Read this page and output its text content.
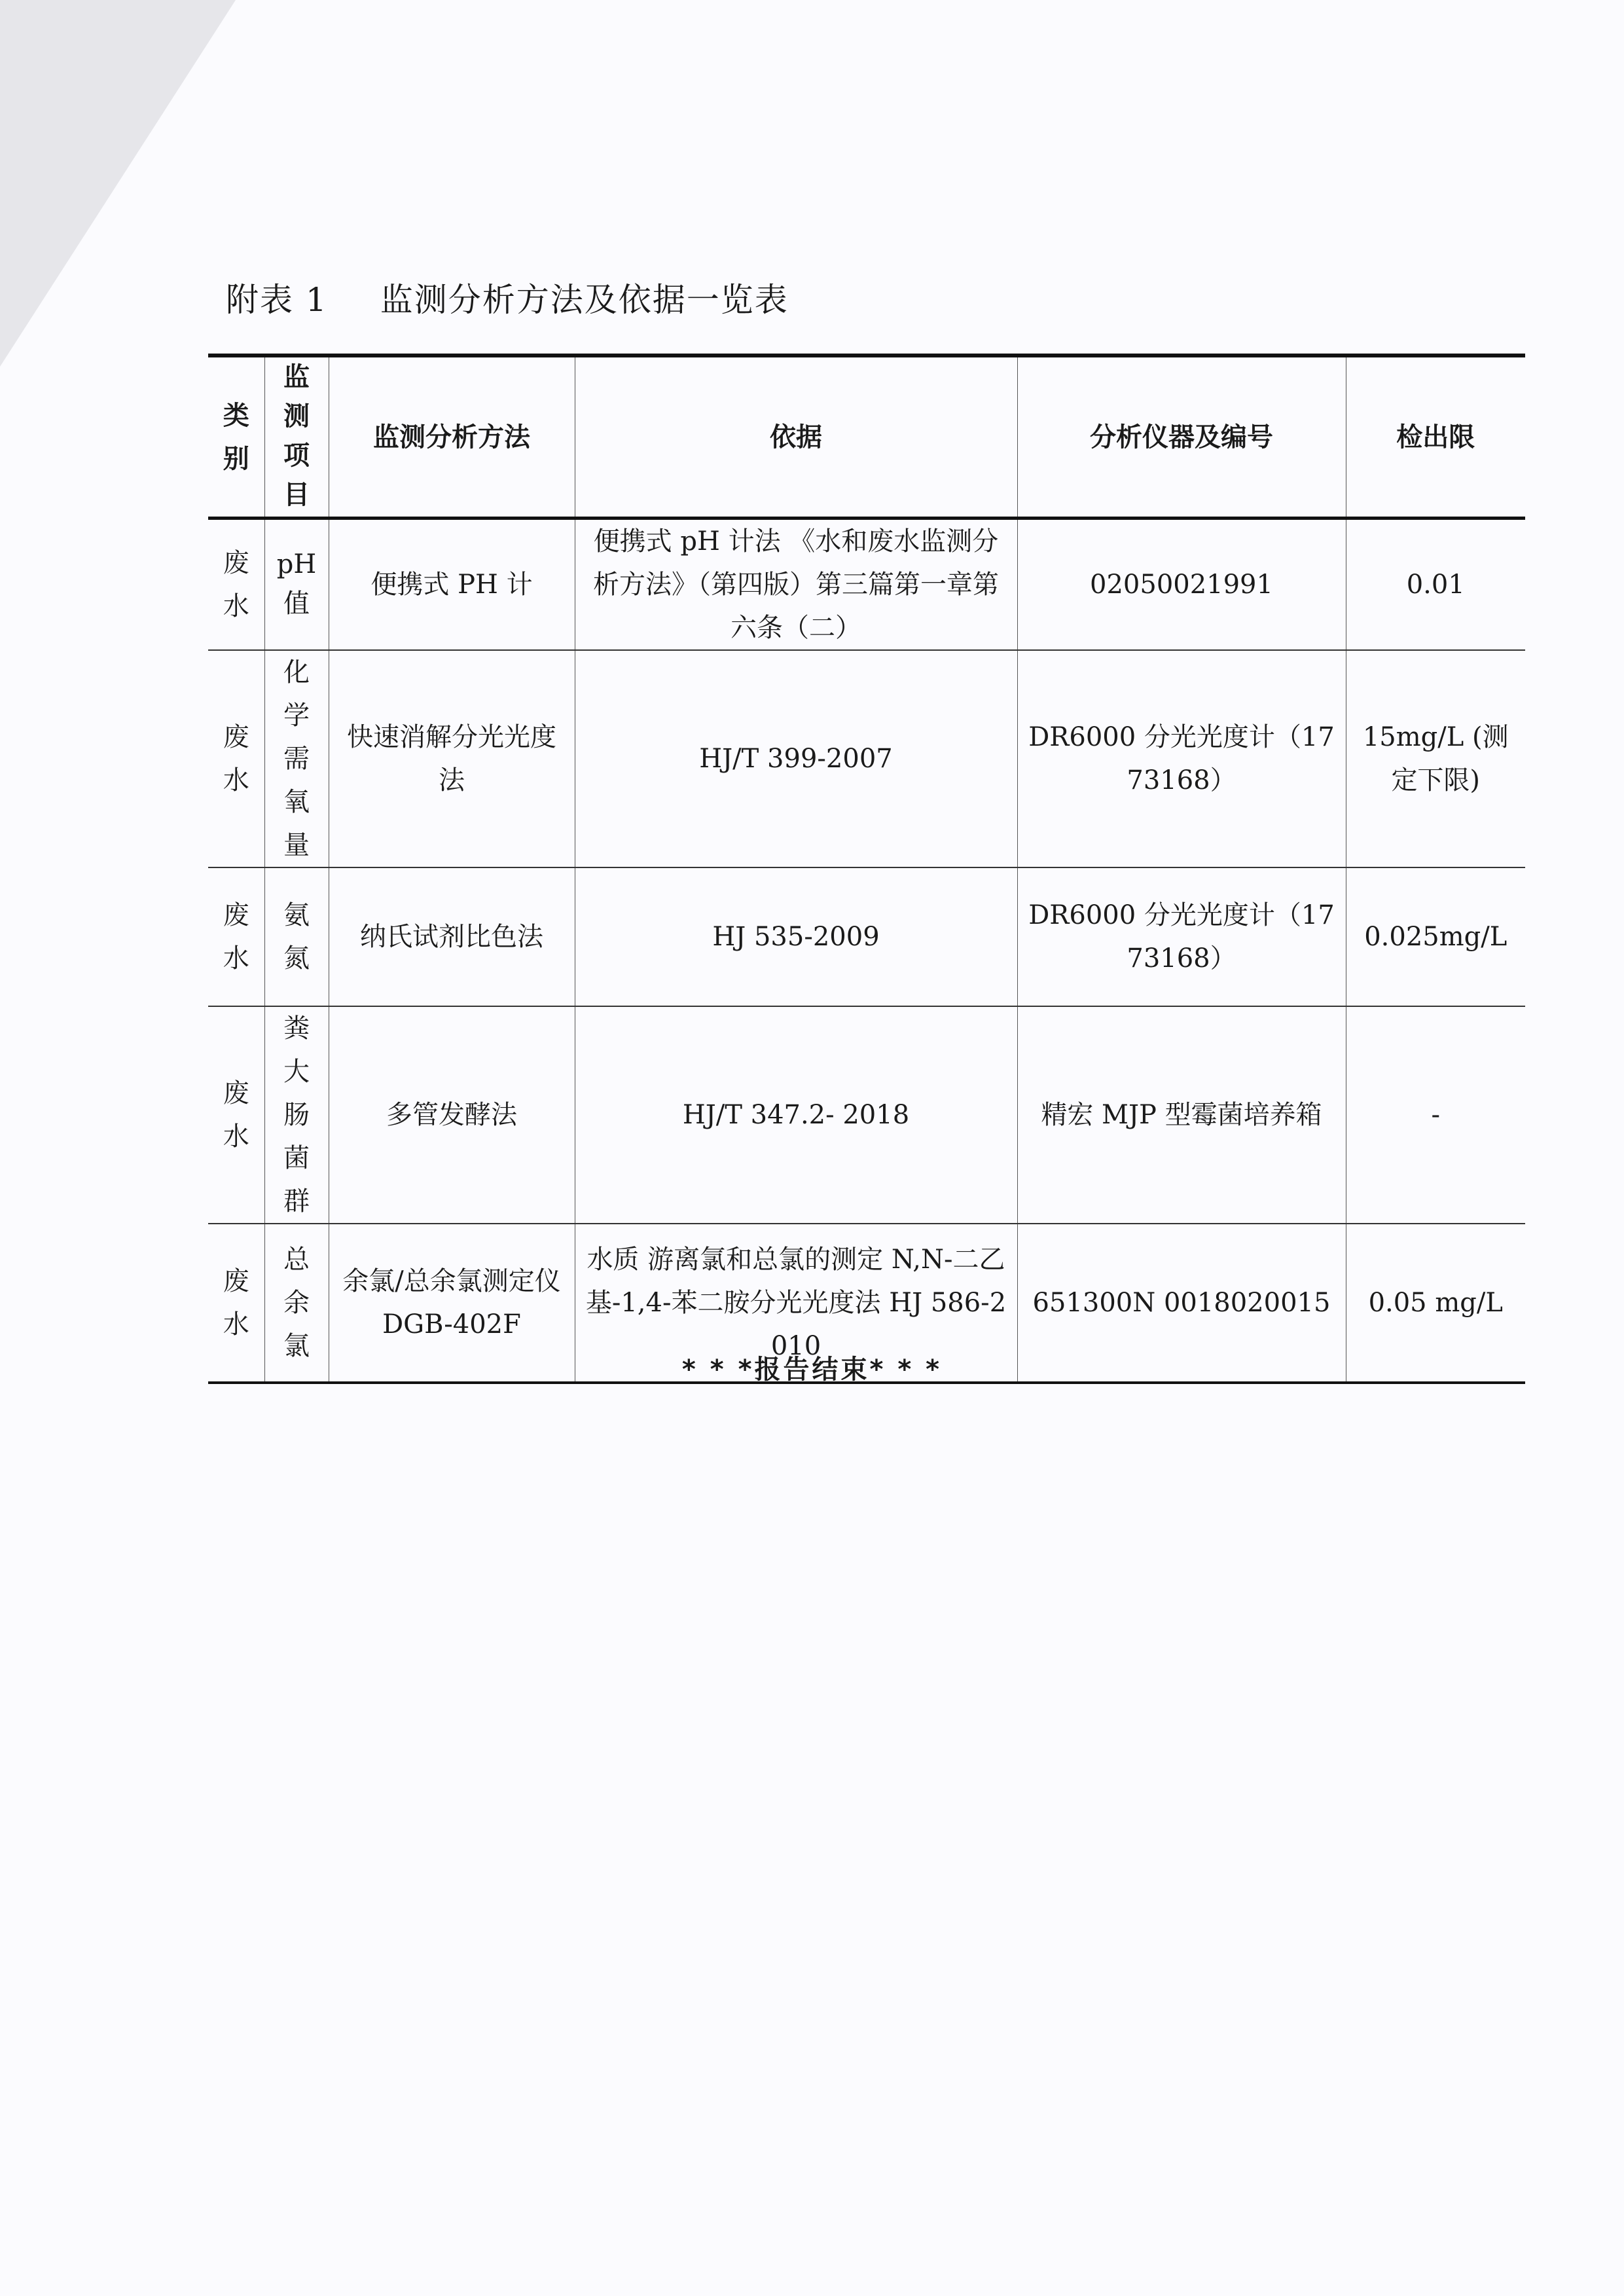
附表 1 监测分析方法及依据一览表
类别	监测项目	监测分析方法	依据	分析仪器及编号	检出限
废水	pH值	便携式 PH 计	便携式 pH 计法 《水和废水监测分析方法》（第四版）第三篇第一章第六条（二）	02050021991	0.01
废水	化学需氧量	快速消解分光光度法	HJ/T 399-2007	DR6000 分光光度计（1773168）	15mg/L (测定下限)
废水	氨氮	纳氏试剂比色法	HJ 535-2009	DR6000 分光光度计（1773168）	0.025mg/L
废水	粪大肠菌群	多管发酵法	HJ/T 347.2- 2018	精宏 MJP 型霉菌培养箱	-
废水	总余氯	余氯/总余氯测定仪 DGB-402F	水质 游离氯和总氯的测定 N,N-二乙基-1,4-苯二胺分光光度法 HJ 586-2010	651300N 0018020015	0.05 mg/L
* * *报告结束* * *
